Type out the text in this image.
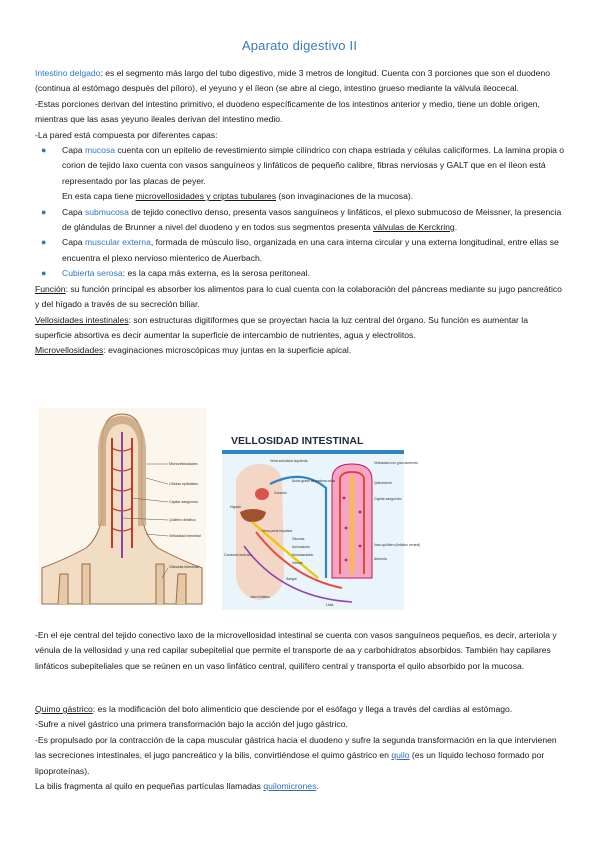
Aparato digestivo II

Intestino delgado: es el segmento más largo del tubo digestivo, mide 3 metros de longitud. Cuenta con 3 porciones que son el duodeno (continua al estómago después del píloro), el yeyuno y el íleon (se abre al ciego, intestino grueso mediante la válvula ileocecal.

-Estas porciones derivan del intestino primitivo, el duodeno específicamente de los intestinos anterior y medio, tiene un doble origen, mientras que las asas yeyuno ileales derivan del intestino medio.

-La pared está compuesta por diferentes capas:

● Capa mucosa cuenta con un epitelio de revestimiento simple cilíndrico con chapa estriada y células caliciformes. La lamina propia o corion de tejido laxo cuenta con vasos sanguíneos y linfáticos de pequeño calibre, fibras nerviosas y GALT que en el íleon está representado por las placas de peyer.
En esta capa tiene microvellosidades y criptas tubulares (son invaginaciones de la mucosa).
● Capa submucosa de tejido conectivo denso, presenta vasos sanguíneos y linfáticos, el plexo submucoso de Meissner, la presencia de glándulas de Brunner a nivel del duodeno y en todos sus segmentos presenta válvulas de Kerckring.
● Capa muscular externa, formada de músculo liso, organizada en una cara interna circular y una externa longitudinal, entre ellas se encuentra el plexo nervioso mienterico de Auerbach.
● Cubierta serosa: es la capa más externa, es la serosa peritoneal.

Función: su función principal es absorber los alimentos para lo cual cuenta con la colaboración del páncreas mediante su jugo pancreático y del hígado a través de su secreción biliar.

Vellosidades intestinales: son estructuras digitiformes que se proyectan hacia la luz central del órgano. Su función es aumentar la superficie absortiva es decir aumentar la superficie de intercambio de nutrientes, agua y electrolitos.

Microvellosidades: evaginaciones microscópicas muy juntas en la superficie apical.

Microvellosidades
Células epiteliales
Capilar sanguíneo
Quilífero linfático
Vellosidad intestinal
Glándula intestinal
VELLOSIDAD INTESTINAL
Vena subclavia izquierda
Corazón
Ácido graso de cadena corta
Hígado
Vena porta hepática
Conducto torácico
Glucosa
Aminoácido
Monosacárido
Vénula
Sangre
Vaso linfático
Linfa
Vellosidad con gran aumento
Quilomicrón
Capilar sanguíneo
Vaso quilífero (linfático central)
Arteriola

-En el eje central del tejido conectivo laxo de la microvellosidad intestinal se cuenta con vasos sanguíneos pequeños, es decir, arteriola y vénula de la vellosidad y una red capilar subepitelial que permite el transporte de aa y carbohidratos absorbidos. También hay capilares linfáticos subepiteliales que se reúnen en un vaso linfático central, quilífero central y transporta el quilo absorbido por la mucosa.

Quimo gástrico: es la modificación del bolo alimenticio que desciende por el esófago y llega a través del cardias al estómago.

-Sufre a nivel gástrico una primera transformación bajo la acción del jugo gástrico.

-Es propulsado por la contracción de la capa muscular gástrica hacia el duodeno y sufre la segunda transformación en la que intervienen las secreciones intestinales, el jugo pancreático y la bilis, convirtiéndose el quimo gástrico en quilo (es un líquido lechoso formado por lipoproteínas).

La bilis fragmenta al quilo en pequeñas partículas llamadas quilomicrones.
